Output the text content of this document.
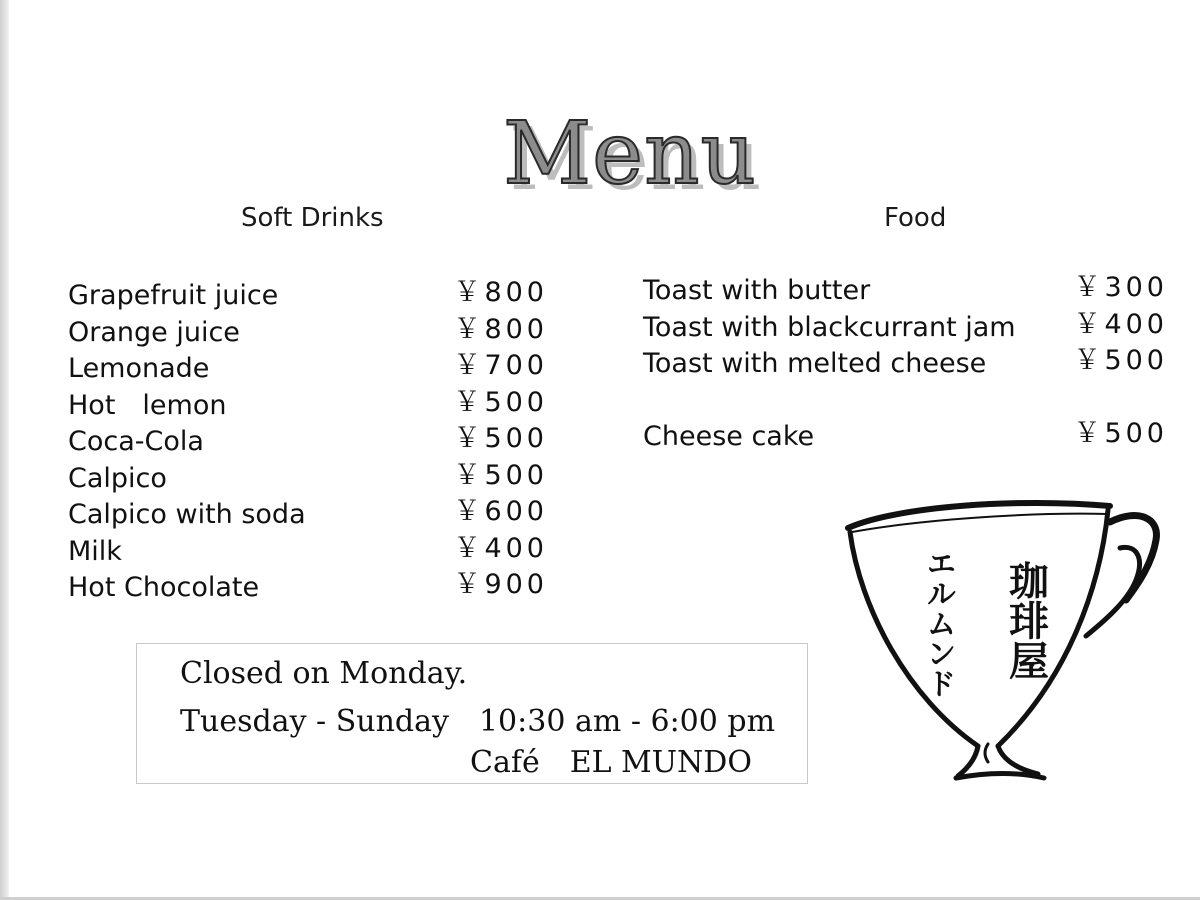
Menu
Soft Drinks	Food
Grapefruit juice	￥800
Orange juice	￥800
Lemonade	￥700
Hot　lemon	￥500
Coca-Cola	￥500
Calpico	￥500
Calpico with soda	￥600
Milk	￥400
Hot Chocolate	￥900
Toast with butter	￥300
Toast with blackcurrant jam ￥400
Toast with melted cheese	￥500
Cheese cake	￥500
Closed on Monday.
Tuesday - Sunday　10:30 am - 6:00 pm
Café　EL MUNDO
珈琲屋
エルムンド
